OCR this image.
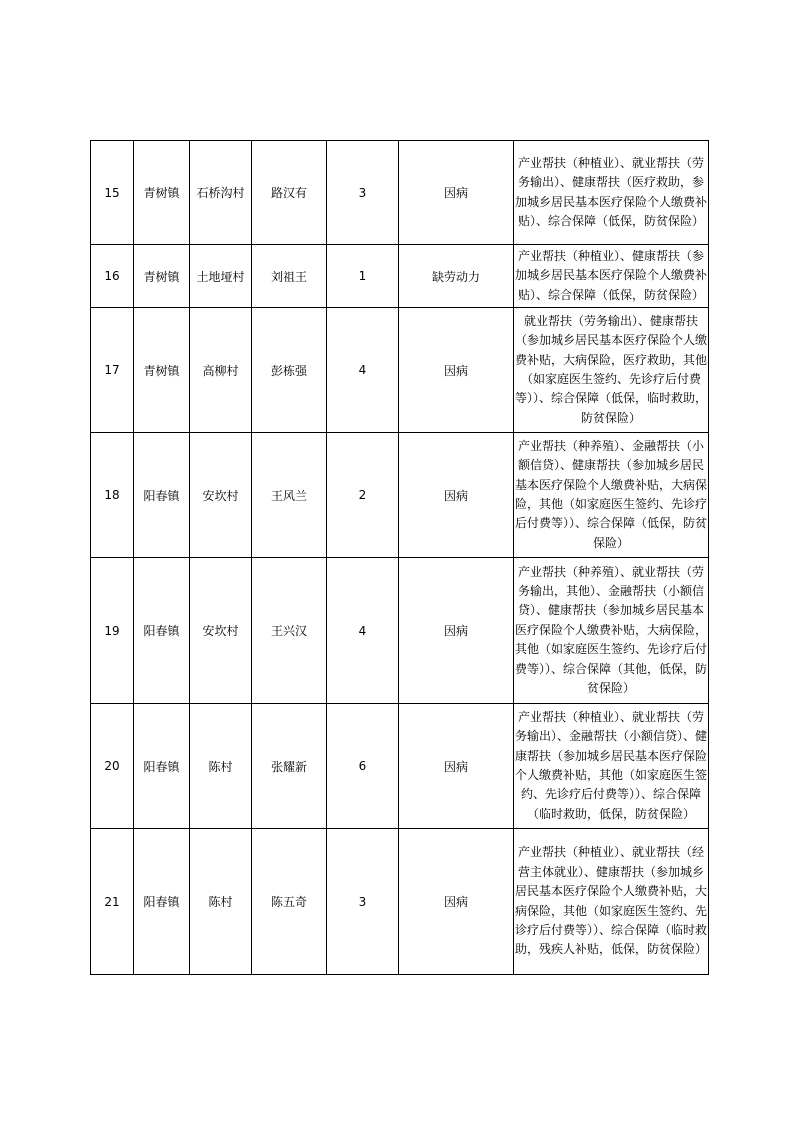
15	青树镇	石桥沟村	路汉有	3	因病	产业帮扶（种植业）、就业帮扶（劳务输出）、健康帮扶（医疗救助，参加城乡居民基本医疗保险个人缴费补贴）、综合保障（低保，防贫保险）
16	青树镇	土地垭村	刘祖王	1	缺劳动力	产业帮扶（种植业）、健康帮扶（参加城乡居民基本医疗保险个人缴费补贴）、综合保障（低保，防贫保险）
17	青树镇	高柳村	彭栋强	4	因病	就业帮扶（劳务输出）、健康帮扶（参加城乡居民基本医疗保险个人缴费补贴，大病保险，医疗救助，其他（如家庭医生签约、先诊疗后付费等））、综合保障（低保，临时救助，防贫保险）
18	阳春镇	安坎村	王风兰	2	因病	产业帮扶（种养殖）、金融帮扶（小额信贷）、健康帮扶（参加城乡居民基本医疗保险个人缴费补贴，大病保险，其他（如家庭医生签约、先诊疗后付费等））、综合保障（低保，防贫保险）
19	阳春镇	安坎村	王兴汉	4	因病	产业帮扶（种养殖）、就业帮扶（劳务输出，其他）、金融帮扶（小额信贷）、健康帮扶（参加城乡居民基本医疗保险个人缴费补贴，大病保险，其他（如家庭医生签约、先诊疗后付费等））、综合保障（其他，低保，防贫保险）
20	阳春镇	陈村	张耀新	6	因病	产业帮扶（种植业）、就业帮扶（劳务输出）、金融帮扶（小额信贷）、健康帮扶（参加城乡居民基本医疗保险个人缴费补贴，其他（如家庭医生签约、先诊疗后付费等））、综合保障（临时救助，低保，防贫保险）
21	阳春镇	陈村	陈五奇	3	因病	产业帮扶（种植业）、就业帮扶（经营主体就业）、健康帮扶（参加城乡居民基本医疗保险个人缴费补贴，大病保险，其他（如家庭医生签约、先诊疗后付费等））、综合保障（临时救助，残疾人补贴，低保，防贫保险）
